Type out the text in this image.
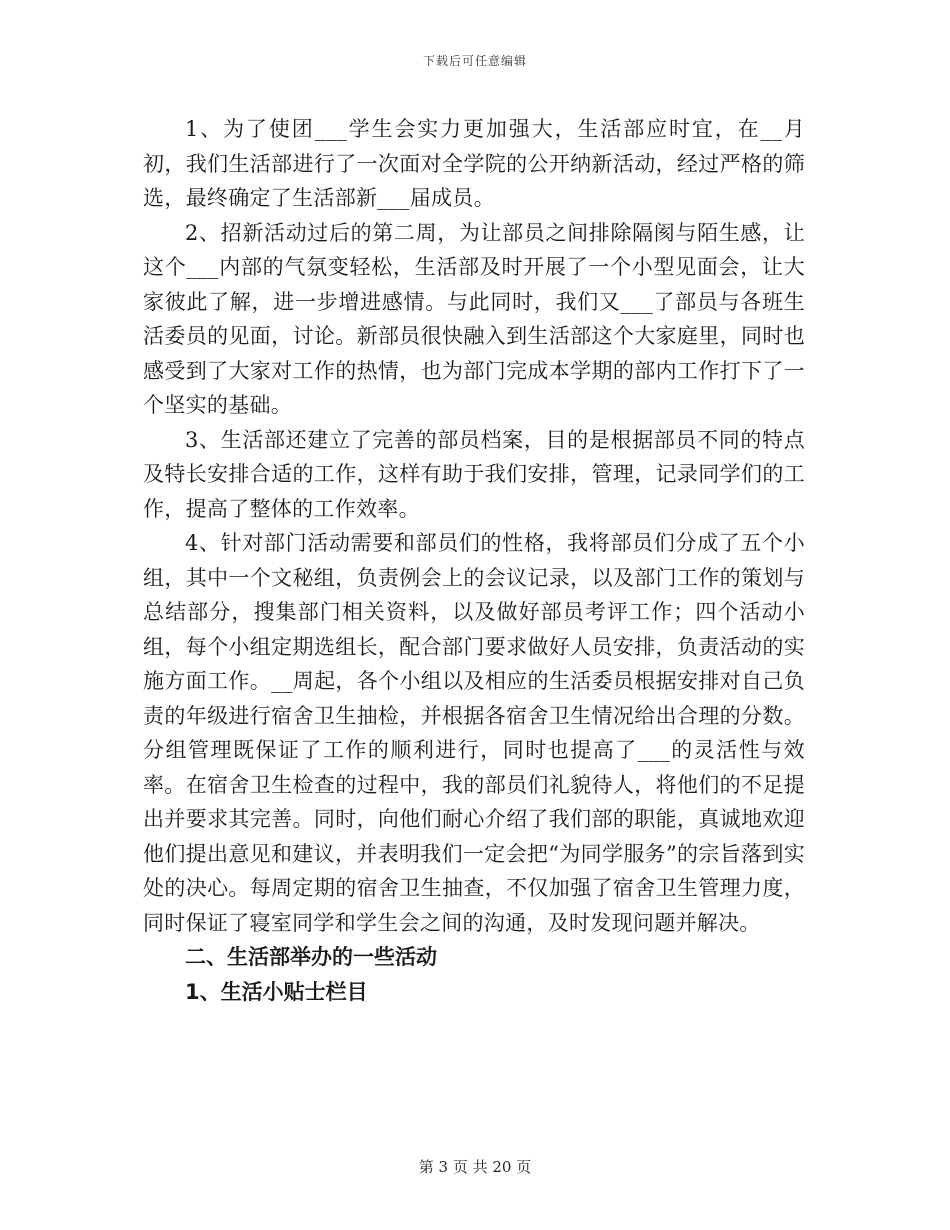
下载后可任意编辑

1、为了使团___学生会实力更加强大，生活部应时宜，在__月初，我们生活部进行了一次面对全学院的公开纳新活动，经过严格的筛选，最终确定了生活部新___届成员。

2、招新活动过后的第二周，为让部员之间排除隔阂与陌生感，让这个___内部的气氛变轻松，生活部及时开展了一个小型见面会，让大家彼此了解，进一步增进感情。与此同时，我们又___了部员与各班生活委员的见面，讨论。新部员很快融入到生活部这个大家庭里，同时也感受到了大家对工作的热情，也为部门完成本学期的部内工作打下了一个坚实的基础。

3、生活部还建立了完善的部员档案，目的是根据部员不同的特点及特长安排合适的工作，这样有助于我们安排，管理，记录同学们的工作，提高了整体的工作效率。

4、针对部门活动需要和部员们的性格，我将部员们分成了五个小组，其中一个文秘组，负责例会上的会议记录，以及部门工作的策划与总结部分，搜集部门相关资料，以及做好部员考评工作；四个活动小组，每个小组定期选组长，配合部门要求做好人员安排，负责活动的实施方面工作。__周起，各个小组以及相应的生活委员根据安排对自己负责的年级进行宿舍卫生抽检，并根据各宿舍卫生情况给出合理的分数。分组管理既保证了工作的顺利进行，同时也提高了___的灵活性与效率。在宿舍卫生检查的过程中，我的部员们礼貌待人，将他们的不足提出并要求其完善。同时，向他们耐心介绍了我们部的职能，真诚地欢迎他们提出意见和建议，并表明我们一定会把“为同学服务”的宗旨落到实处的决心。每周定期的宿舍卫生抽查，不仅加强了宿舍卫生管理力度，同时保证了寝室同学和学生会之间的沟通，及时发现问题并解决。

二、生活部举办的一些活动

1、生活小贴士栏目

第 3 页 共 20 页
